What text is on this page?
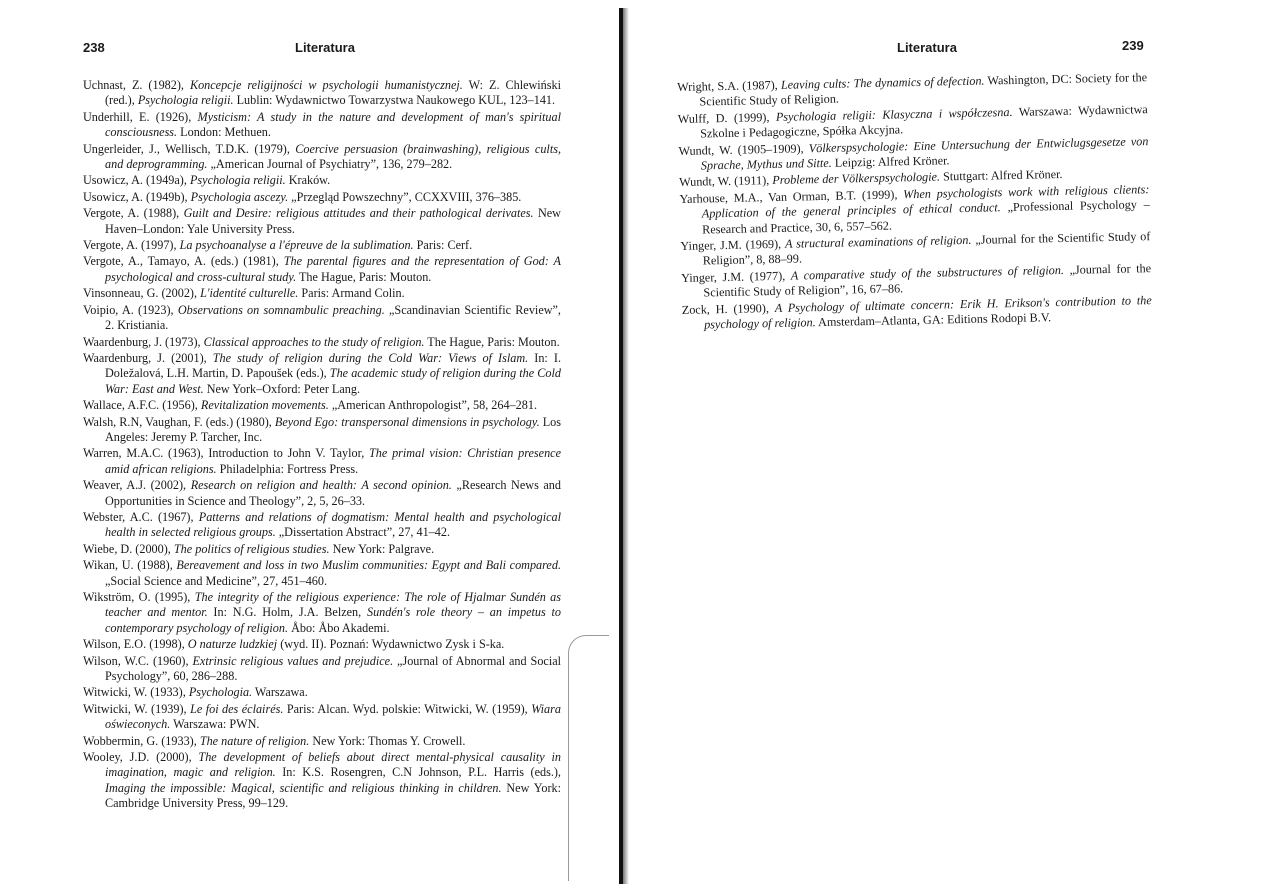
238	Literatura
Uchnast, Z. (1982), Koncepcje religijności w psychologii humanistycznej. W: Z. Chlewiński (red.), Psychologia religii. Lublin: Wydawnictwo Towarzystwa Naukowego KUL, 123–141.
Underhill, E. (1926), Mysticism: A study in the nature and development of man's spiritual consciousness. London: Methuen.
Ungerleider, J., Wellisch, T.D.K. (1979), Coercive persuasion (brainwashing), religious cults, and deprogramming. „American Journal of Psychiatry”, 136, 279–282.
Usowicz, A. (1949a), Psychologia religii. Kraków.
Usowicz, A. (1949b), Psychologia ascezy. „Przegląd Powszechny”, CCXXVIII, 376–385.
Vergote, A. (1988), Guilt and Desire: religious attitudes and their pathological derivates. New Haven–London: Yale University Press.
Vergote, A. (1997), La psychoanalyse a l'épreuve de la sublimation. Paris: Cerf.
Vergote, A., Tamayo, A. (eds.) (1981), The parental figures and the representation of God: A psychological and cross-cultural study. The Hague, Paris: Mouton.
Vinsonneau, G. (2002), L'identité culturelle. Paris: Armand Colin.
Voipio, A. (1923), Observations on somnambulic preaching. „Scandinavian Scientific Review”, 2. Kristiania.
Waardenburg, J. (1973), Classical approaches to the study of religion. The Hague, Paris: Mouton.
Waardenburg, J. (2001), The study of religion during the Cold War: Views of Islam. In: I. Doležalová, L.H. Martin, D. Papoušek (eds.), The academic study of religion during the Cold War: East and West. New York–Oxford: Peter Lang.
Wallace, A.F.C. (1956), Revitalization movements. „American Anthropologist”, 58, 264–281.
Walsh, R.N, Vaughan, F. (eds.) (1980), Beyond Ego: transpersonal dimensions in psychology. Los Angeles: Jeremy P. Tarcher, Inc.
Warren, M.A.C. (1963), Introduction to John V. Taylor, The primal vision: Christian presence amid african religions. Philadelphia: Fortress Press.
Weaver, A.J. (2002), Research on religion and health: A second opinion. „Research News and Opportunities in Science and Theology”, 2, 5, 26–33.
Webster, A.C. (1967), Patterns and relations of dogmatism: Mental health and psychological health in selected religious groups. „Dissertation Abstract”, 27, 41–42.
Wiebe, D. (2000), The politics of religious studies. New York: Palgrave.
Wikan, U. (1988), Bereavement and loss in two Muslim communities: Egypt and Bali compared. „Social Science and Medicine”, 27, 451–460.
Wikström, O. (1995), The integrity of the religious experience: The role of Hjalmar Sundén as teacher and mentor. In: N.G. Holm, J.A. Belzen, Sundén's role theory – an impetus to contemporary psychology of religion. Åbo: Åbo Akademi.
Wilson, E.O. (1998), O naturze ludzkiej (wyd. II). Poznań: Wydawnictwo Zysk i S-ka.
Wilson, W.C. (1960), Extrinsic religious values and prejudice. „Journal of Abnormal and Social Psychology”, 60, 286–288.
Witwicki, W. (1933), Psychologia. Warszawa.
Witwicki, W. (1939), Le foi des éclairés. Paris: Alcan. Wyd. polskie: Witwicki, W. (1959), Wiara oświeconych. Warszawa: PWN.
Wobbermin, G. (1933), The nature of religion. New York: Thomas Y. Crowell.
Wooley, J.D. (2000), The development of beliefs about direct mental-physical causality in imagination, magic and religion. In: K.S. Rosengren, C.N Johnson, P.L. Harris (eds.), Imaging the impossible: Magical, scientific and religious thinking in children. New York: Cambridge University Press, 99–129.
Literatura	239
Wright, S.A. (1987), Leaving cults: The dynamics of defection. Washington, DC: Society for the Scientific Study of Religion.
Wulff, D. (1999), Psychologia religii: Klasyczna i współczesna. Warszawa: Wydawnictwa Szkolne i Pedagogiczne, Spółka Akcyjna.
Wundt, W. (1905–1909), Völkerspsychologie: Eine Untersuchung der Entwiclugsgesetze von Sprache, Mythus und Sitte. Leipzig: Alfred Kröner.
Wundt, W. (1911), Probleme der Völkerspsychologie. Stuttgart: Alfred Kröner.
Yarhouse, M.A., Van Orman, B.T. (1999), When psychologists work with religious clients: Application of the general principles of ethical conduct. „Professional Psychology – Research and Practice, 30, 6, 557–562.
Yinger, J.M. (1969), A structural examinations of religion. „Journal for the Scientific Study of Religion”, 8, 88–99.
Yinger, J.M. (1977), A comparative study of the substructures of religion. „Journal for the Scientific Study of Religion”, 16, 67–86.
Zock, H. (1990), A Psychology of ultimate concern: Erik H. Erikson's contribution to the psychology of religion. Amsterdam–Atlanta, GA: Editions Rodopi B.V.
